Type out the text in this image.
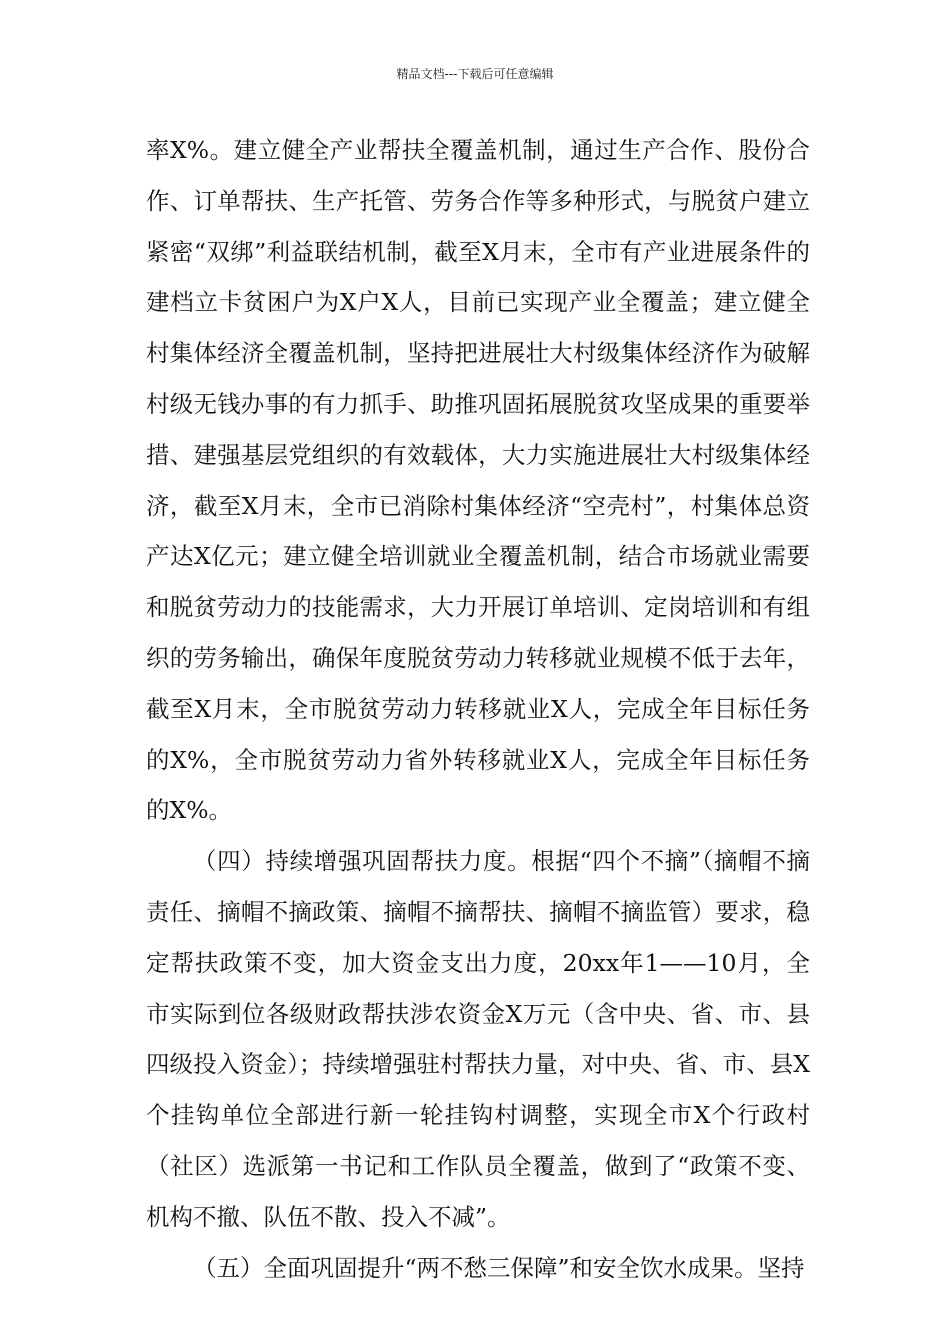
精品文档---下载后可任意编辑

率X%。建立健全产业帮扶全覆盖机制，通过生产合作、股份合作、订单帮扶、生产托管、劳务合作等多种形式，与脱贫户建立紧密“双绑”利益联结机制，截至X月末，全市有产业进展条件的建档立卡贫困户为X户X人，目前已实现产业全覆盖；建立健全村集体经济全覆盖机制，坚持把进展壮大村级集体经济作为破解村级无钱办事的有力抓手、助推巩固拓展脱贫攻坚成果的重要举措、建强基层党组织的有效载体，大力实施进展壮大村级集体经济，截至X月末，全市已消除村集体经济“空壳村”，村集体总资产达X亿元；建立健全培训就业全覆盖机制，结合市场就业需要和脱贫劳动力的技能需求，大力开展订单培训、定岗培训和有组织的劳务输出，确保年度脱贫劳动力转移就业规模不低于去年，截至X月末，全市脱贫劳动力转移就业X人，完成全年目标任务的X%，全市脱贫劳动力省外转移就业X人，完成全年目标任务的X%。

（四）持续增强巩固帮扶力度。根据“四个不摘”（摘帽不摘责任、摘帽不摘政策、摘帽不摘帮扶、摘帽不摘监管）要求，稳定帮扶政策不变，加大资金支出力度，20xx年1——10月，全市实际到位各级财政帮扶涉农资金X万元（含中央、省、市、县四级投入资金）；持续增强驻村帮扶力量，对中央、省、市、县X个挂钩单位全部进行新一轮挂钩村调整，实现全市X个行政村（社区）选派第一书记和工作队员全覆盖，做到了“政策不变、机构不撤、队伍不散、投入不减”。

（五）全面巩固提升“两不愁三保障”和安全饮水成果。坚持
